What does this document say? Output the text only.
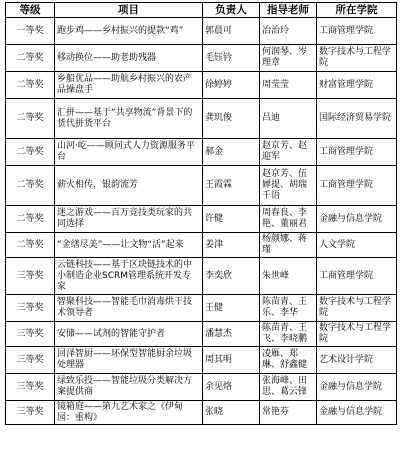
等级	项目	负责人	指导老师	所在学院
一等奖	跑步鸡——乡村振兴的提款“鸡”	郭晨可	冶治玲	工商管理学院
二等奖	移动换位——助老助残器	毛钰钤	何润琴、岑理章	数字技术与工程学院
二等奖	乡船优品——助航乡村振兴的农产品操盘手	徐婷婷	周莹莹	财富管理学院
二等奖	汇拼——基于“共享物流”背景下的货代拼货平台	龚玑俊	吕迪	国际经济贸易学院
二等奖	山河·屹——顾问式人力资源服务平台	郝金	赵京芳、赵迎军	工商管理学院
二等奖	薪火相传，银韵流芳	王霞霖	赵京芳、伍婵提、胡瑞千语	工商管理学院
二等奖	迷之游戏——百万竞技类玩家的共同选择	许健	周春良、李艳、董丽君	金融与信息学院
二等奖	“金缮尽美”——让文物“活”起来	姜津	杨颜娜、蒋瑾	人文学院
三等奖	云链科技——基于区块链技术的中小制造企业SCRM管理系统开发专家	李奕欣	朱世峰	工商管理学院
三等奖	智聚科技——智能毛巾消毒烘干技术领导者	王健	陈苗青、王乐、李华	数字技术与工程学院
三等奖	安储——试剂的智能守护者	潘慧杰	陈苗青、王飞、李晓鹏	数字技术与工程学院
三等奖	回泽智厨——环保型智能厨余垃圾处理器	周其明	凌雁、郑琳、舒鑫健	艺术设计学院
三等奖	绿致乐投——智能垃圾分类解决方案提供商	余见烙	张海峰、田思、葛云锋	金融与信息学院
三等奖	镜箱庭——第九艺术家之《伊甸园：重构》	张晓	常艳芬	金融与信息学院
